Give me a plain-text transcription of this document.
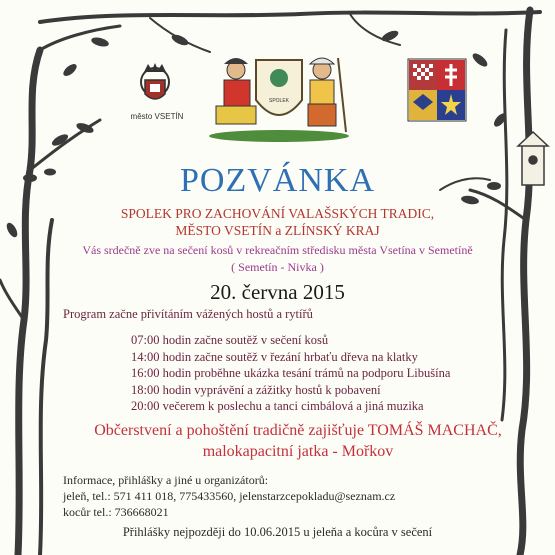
město VSETÍN
SPOLEK
POZVÁNKA
SPOLEK PRO ZACHOVÁNÍ VALAŠSKÝCH TRADIC,
MĚSTO VSETÍN a ZLÍNSKÝ KRAJ
Vás srdečně zve na sečení kosů v rekreačním středisku města Vsetína v Semetíně
( Semetín - Nivka )
20. června 2015
Program začne přivítáním vážených hostů a rytířů
07:00 hodin začne soutěž v sečení kosů
14:00 hodin začne soutěž v řezání hrbaťu dřeva na klatky
16:00 hodin proběhne ukázka tesání trámů na podporu Libušína
18:00 hodin vyprávění a zážitky hostů k pobavení
20:00 večerem k poslechu a tanci cimbálová a jiná muzika
Občerstvení a pohoštění tradičně zajišťuje TOMÁŠ MACHAČ,
malokapacitní jatka - Mořkov
Informace, přihlášky a jiné u organizátorů:
jeleň, tel.: 571 411 018, 775433560, jelenstarzcepokladu@seznam.cz
kocůr tel.: 736668021
Přihlášky nejpozději do 10.06.2015 u jeleňa a kocůra v sečení
